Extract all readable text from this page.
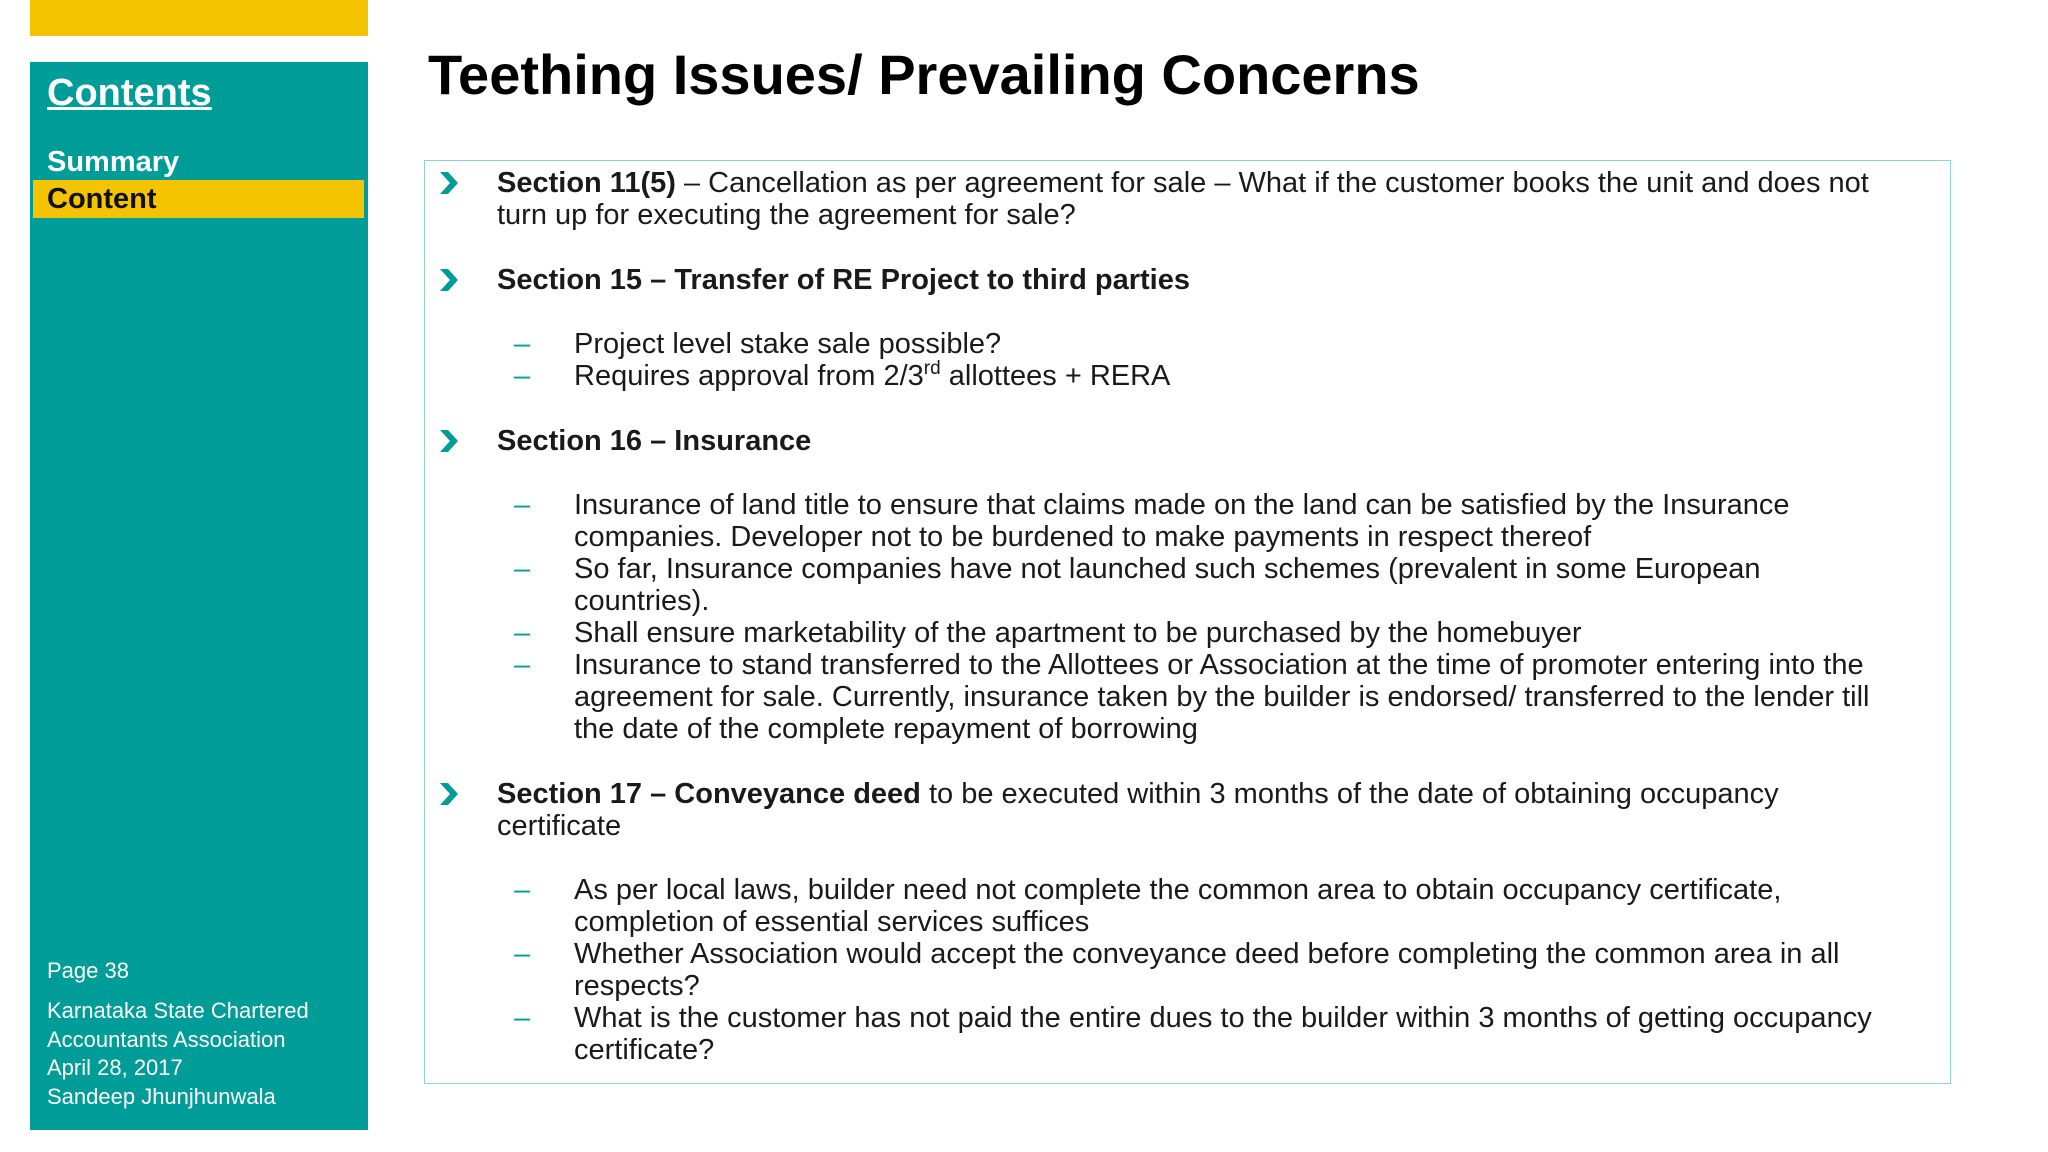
Contents
Summary
Content
Page 38
Karnataka State Chartered
Accountants Association
April 28, 2017
Sandeep Jhunjhunwala
Teething Issues/ Prevailing Concerns
Section 11(5) – Cancellation as per agreement for sale – What if the customer books the unit and does not
turn up for executing the agreement for sale?
Section 15 – Transfer of RE Project to third parties
– Project level stake sale possible?
– Requires approval from 2/3rd allottees + RERA
Section 16 – Insurance
– Insurance of land title to ensure that claims made on the land can be satisfied by the Insurance
companies. Developer not to be burdened to make payments in respect thereof
– So far, Insurance companies have not launched such schemes (prevalent in some European
countries).
– Shall ensure marketability of the apartment to be purchased by the homebuyer
– Insurance to stand transferred to the Allottees or Association at the time of promoter entering into the
agreement for sale. Currently, insurance taken by the builder is endorsed/ transferred to the lender till
the date of the complete repayment of borrowing
Section 17 – Conveyance deed to be executed within 3 months of the date of obtaining occupancy
certificate
– As per local laws, builder need not complete the common area to obtain occupancy certificate,
completion of essential services suffices
– Whether Association would accept the conveyance deed before completing the common area in all
respects?
– What is the customer has not paid the entire dues to the builder within 3 months of getting occupancy
certificate?
